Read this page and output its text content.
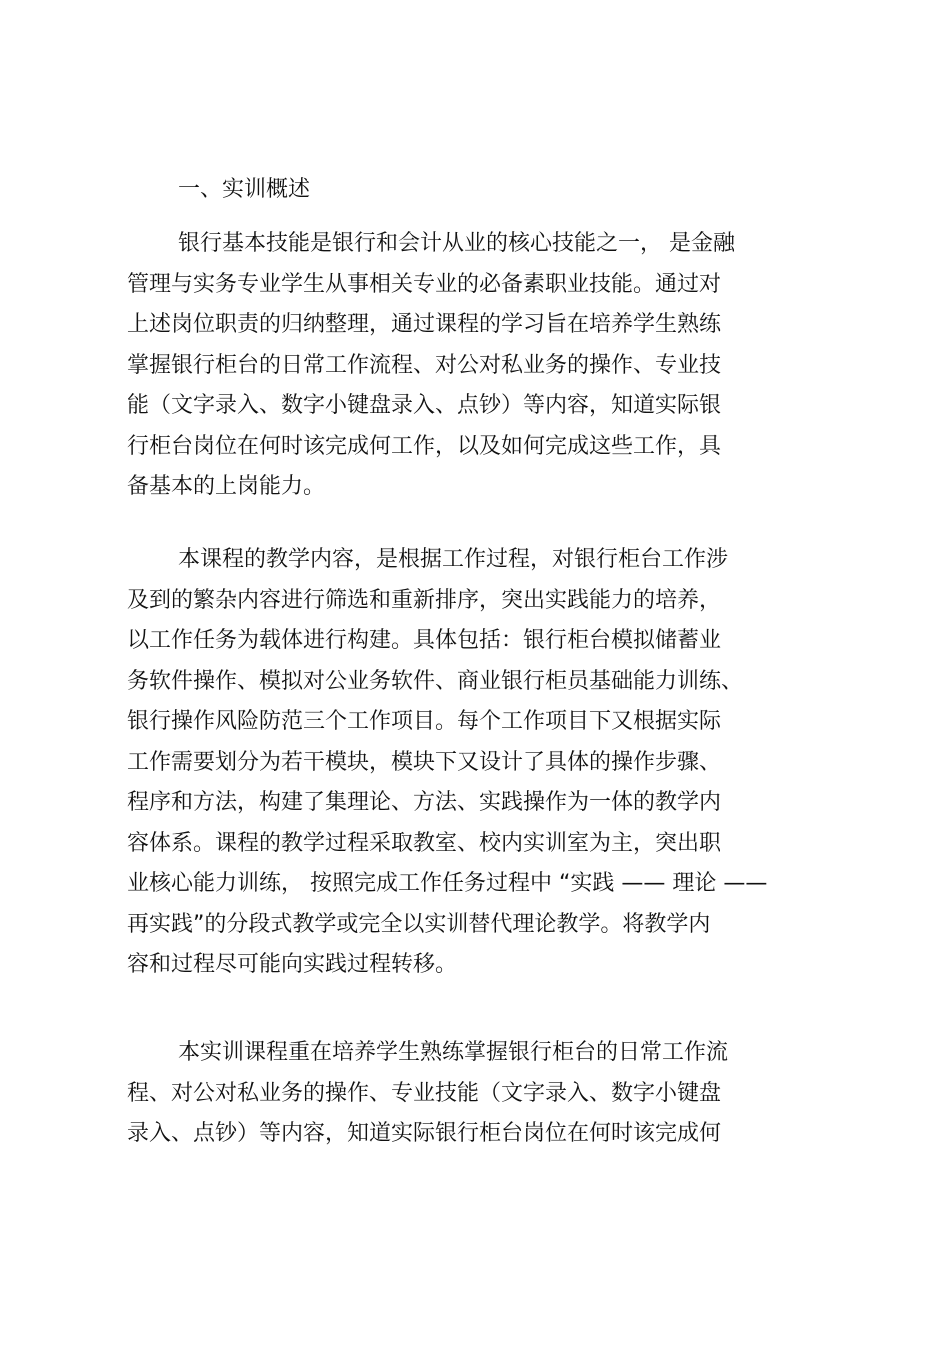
一、实训概述
银行基本技能是银行和会计从业的核心技能之一， 是金融
管理与实务专业学生从事相关专业的必备素职业技能。通过对
上述岗位职责的归纳整理，通过课程的学习旨在培养学生熟练
掌握银行柜台的日常工作流程、对公对私业务的操作、专业技
能（文字录入、数字小键盘录入、点钞）等内容，知道实际银
行柜台岗位在何时该完成何工作，以及如何完成这些工作，具
备基本的上岗能力。
本课程的教学内容，是根据工作过程，对银行柜台工作涉
及到的繁杂内容进行筛选和重新排序，突出实践能力的培养，
以工作任务为载体进行构建。具体包括：银行柜台模拟储蓄业
务软件操作、模拟对公业务软件、商业银行柜员基础能力训练、
银行操作风险防范三个工作项目。每个工作项目下又根据实际
工作需要划分为若干模块，模块下又设计了具体的操作步骤、
程序和方法，构建了集理论、方法、实践操作为一体的教学内
容体系。课程的教学过程采取教室、校内实训室为主，突出职
业核心能力训练， 按照完成工作任务过程中 “实践 —— 理论 ——
再实践”的分段式教学或完全以实训替代理论教学。将教学内
容和过程尽可能向实践过程转移。
本实训课程重在培养学生熟练掌握银行柜台的日常工作流
程、对公对私业务的操作、专业技能（文字录入、数字小键盘
录入、点钞）等内容，知道实际银行柜台岗位在何时该完成何
